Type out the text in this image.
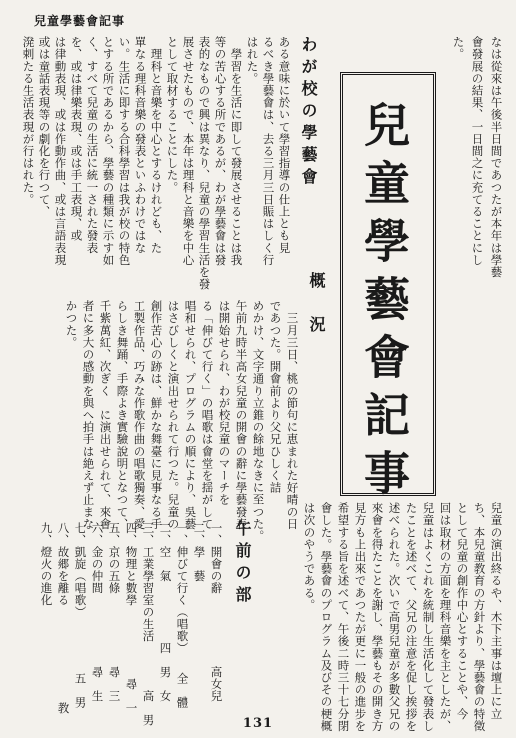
兒童學藝會記事
なは從來は午後半日間であつたが本年は學藝
會發展の結果、一日間之に充てることにし
た。
兒童學藝會記事
わが校の學藝會
ある意味に於いて學習指導の仕上とも見
るべき學藝會は、去る三月三日賑はしく行
はれた。
　學習を生活に即して發展させることは我
等の苦心する所であるが、わが學藝會は發
表的なもので興は異なり、兒童の學習生活を發
展させたもので、本年は理科と音樂を中心
として取材することにした。
　理科と音樂を中心とするけれども、た
單なる理科音樂の發表といふわけではな
い。生活に即する合科學習は我が校の特色
とする所であるから、學藝の種類に示す如
く、すべて兒童の生活に統一された發表
を、或は律樂表現、或は手工表現、或
は律動表現、或は作動作曲、或は言語表現
或は童話表現等の劇化を行つて、
溌剌たる生活表現が行はれた。
概　況
　三月三日、桃の節句に恵まれた好晴の日
であつた。開會前より父兄ひしく詰
めかけ、文字通り立錐の餘地なきに至つた。
午前九時半高女兒童の開會の辭に學藝發表
は開始せられ、わが校兒童のマーチを
る「伸びて行く」の唱歌は會堂を揺がして
唱和せられ、プログラムの順により、吳藝
はさびしくと演出せられて行つた。兒童の
創作苦心の跡は、鮮かな舞臺に見事なる手
工製作品、巧みな作歌作曲の唱歌獨奏、愛
らしき舞踊、手際よき實驗說明となつて、
千紫萬紅、次ぎく　に演出せられて、來會
者に多大の感動を與へ拍手は絶えず止まな
かつた。
兒童の演出終るや、木下主事は壇上に立
ち、本兒童教育の方針より、學藝會の特徵
として兒童の創作中心とすることや、今
回は取材の方面を理科音樂を主としたが、
兒童はよくこれを統制し生活化して發表し
たことを述べて、父兄の注意を促し挨拶を
述べられた。次いで高男兒童が多數父兄の
來會を得たことを謝し、學藝もその開き方
見方も上出來であつたが更に一般の進步を
希望する旨を述べて、午後二時三十七分閉
會した。學藝會のプログラム及びその梗概
は次のやうである。
午前の部
一、開會の辭　　　　　　高女兒
二、學　藝
一、伸びて行く（唱歌）　　全　體
二、空　氣　　　　　四　男　女
三、工業學習室の生活　　　　高　男
四、物理と數學　　　　　　尋　一
五、京の五條　　　　　　尋　三
六、金の仲間　　　　　　尋　生
七、凱旋（唱歌）　　　　　五　男
八、故郷を離る　　　　　　　　教
九、燈火の進化
131
